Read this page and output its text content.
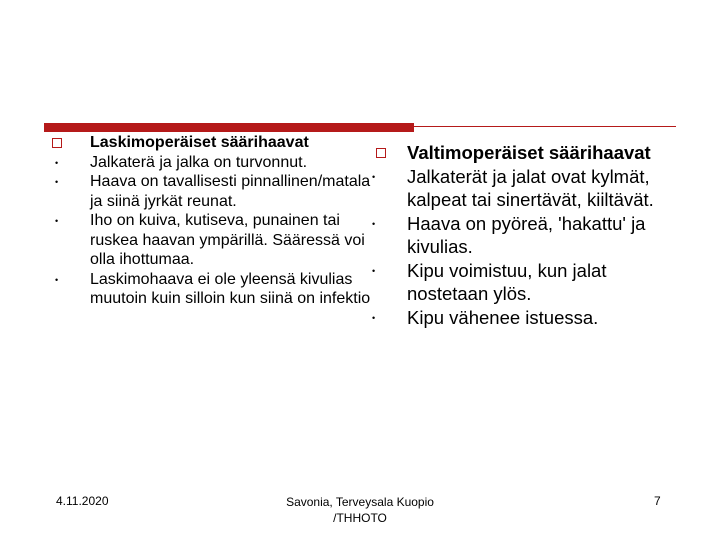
Laskimoperäiset säärihaavat
• Jalkaterä ja jalka on turvonnut.
• Haava on tavallisesti pinnallinen/matala ja siinä jyrkät reunat.
• Iho on kuiva, kutiseva, punainen tai ruskea haavan ympärillä. Sääressä voi olla ihottumaa.
• Laskimohaava ei ole yleensä kivulias muutoin kuin silloin kun siinä on infektio
Valtimoperäiset säärihaavat
• Jalkaterät ja jalat ovat kylmät, kalpeat tai sinertävät, kiiltävät.
• Haava on pyöreä, 'hakattu' ja kivulias.
• Kipu voimistuu, kun jalat nostetaan ylös.
• Kipu vähenee istuessa.
4.11.2020	Savonia, Terveysala Kuopio
/THHOTO
7
